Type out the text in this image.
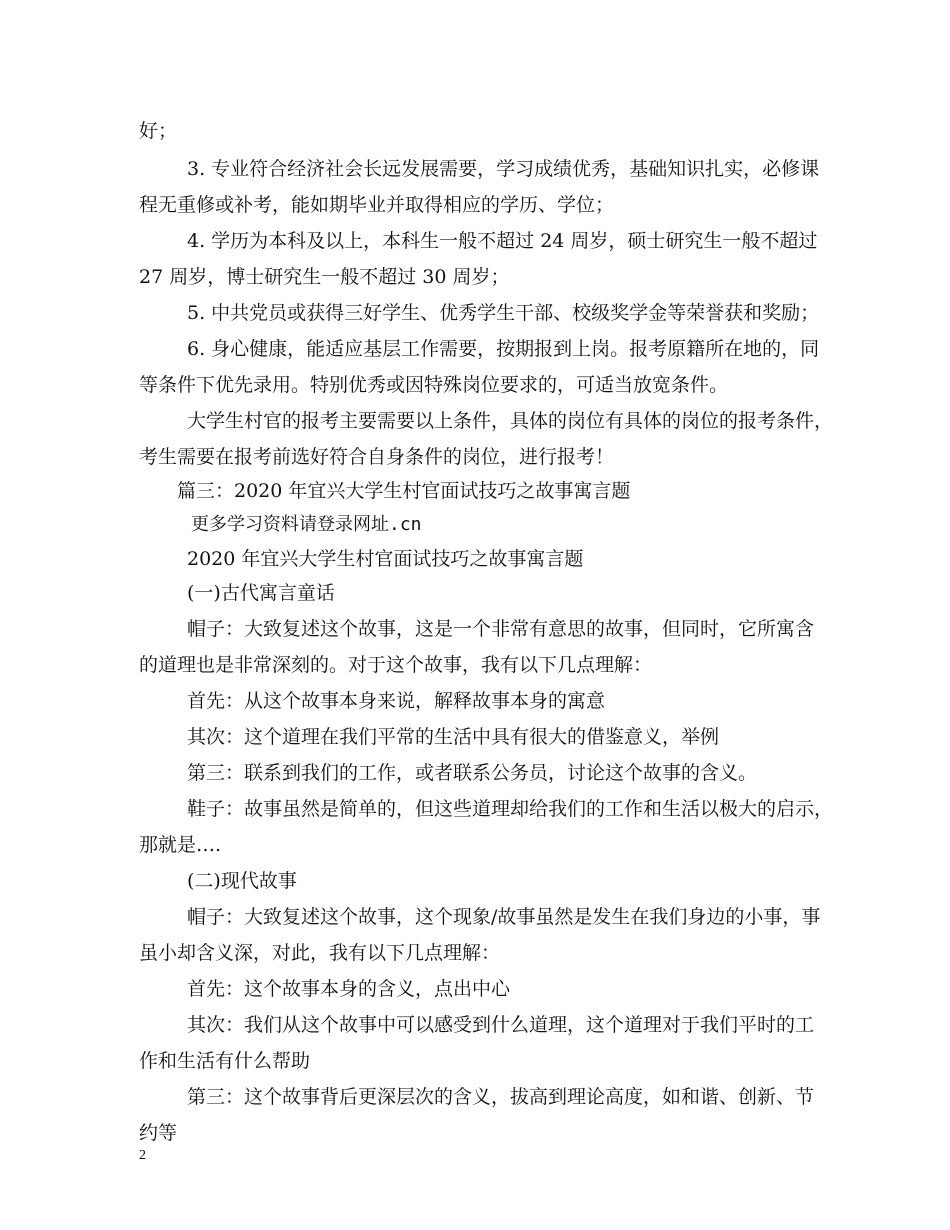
好；
3. 专业符合经济社会长远发展需要，学习成绩优秀，基础知识扎实，必修课
程无重修或补考，能如期毕业并取得相应的学历、学位；
4. 学历为本科及以上，本科生一般不超过 24 周岁，硕士研究生一般不超过
27 周岁，博士研究生一般不超过 30 周岁；
5. 中共党员或获得三好学生、优秀学生干部、校级奖学金等荣誉获和奖励；
6. 身心健康，能适应基层工作需要，按期报到上岗。报考原籍所在地的，同
等条件下优先录用。特别优秀或因特殊岗位要求的，可适当放宽条件。
大学生村官的报考主要需要以上条件，具体的岗位有具体的岗位的报考条件，
考生需要在报考前选好符合自身条件的岗位，进行报考！
篇三：2020 年宜兴大学生村官面试技巧之故事寓言题
更多学习资料请登录网址.cn
2020 年宜兴大学生村官面试技巧之故事寓言题
(一)古代寓言童话
帽子：大致复述这个故事，这是一个非常有意思的故事，但同时，它所寓含
的道理也是非常深刻的。对于这个故事，我有以下几点理解：
首先：从这个故事本身来说，解释故事本身的寓意
其次：这个道理在我们平常的生活中具有很大的借鉴意义，举例
第三：联系到我们的工作，或者联系公务员，讨论这个故事的含义。
鞋子：故事虽然是简单的，但这些道理却给我们的工作和生活以极大的启示，
那就是….
(二)现代故事
帽子：大致复述这个故事，这个现象/故事虽然是发生在我们身边的小事，事
虽小却含义深，对此，我有以下几点理解：
首先：这个故事本身的含义，点出中心
其次：我们从这个故事中可以感受到什么道理，这个道理对于我们平时的工
作和生活有什么帮助
第三：这个故事背后更深层次的含义，拔高到理论高度，如和谐、创新、节
约等
2
